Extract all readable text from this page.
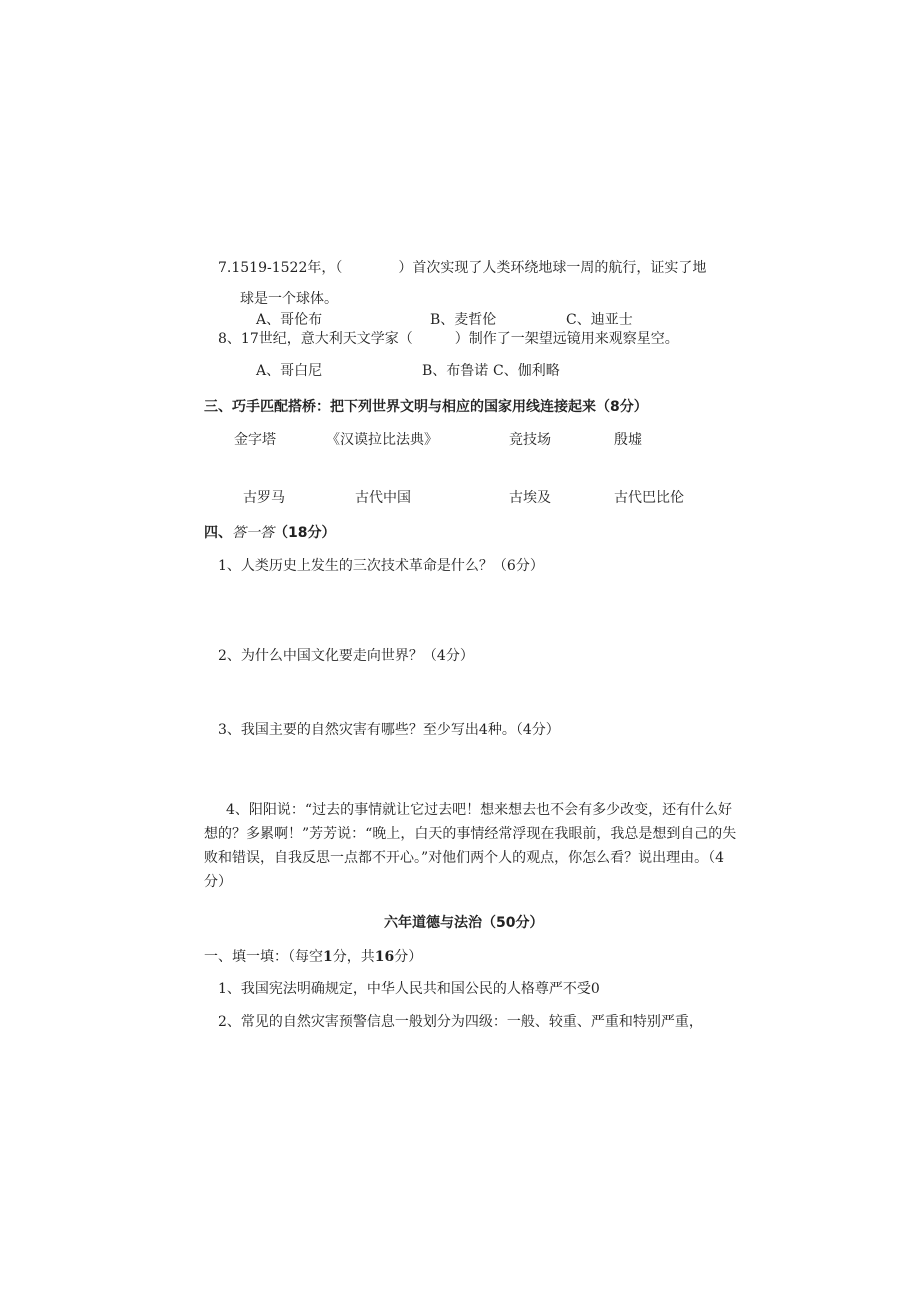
7.1519-1522年，（　　　　）首次实现了人类环绕地球一周的航行，证实了地
球是一个球体。
A、哥伦布	B、麦哲伦	C、迪亚士
8、17世纪，意大利天文学家（　　　）制作了一架望远镜用来观察星空。
A、哥白尼	B、布鲁诺 C、伽利略
三、巧手匹配搭桥：把下列世界文明与相应的国家用线连接起来（8分）
金字塔	《汉谟拉比法典》	竞技场	殷墟
古罗马	古代中国	古埃及	古代巴比伦
四、答一答（18分）
1、人类历史上发生的三次技术革命是什么？（6分）
2、为什么中国文化要走向世界？（4分）
3、我国主要的自然灾害有哪些？至少写出4种。（4分）
4、阳阳说：“过去的事情就让它过去吧！想来想去也不会有多少改变，还有什么好想的？多累啊！”芳芳说：“晚上，白天的事情经常浮现在我眼前，我总是想到自己的失败和错误，自我反思一点都不开心。”对他们两个人的观点，你怎么看？说出理由。（4分）
六年道德与法治（50分）
一、填一填：（每空1分，共16分）
1、我国宪法明确规定，中华人民共和国公民的人格尊严不受0
2、常见的自然灾害预警信息一般划分为四级：一般、较重、严重和特别严重，
